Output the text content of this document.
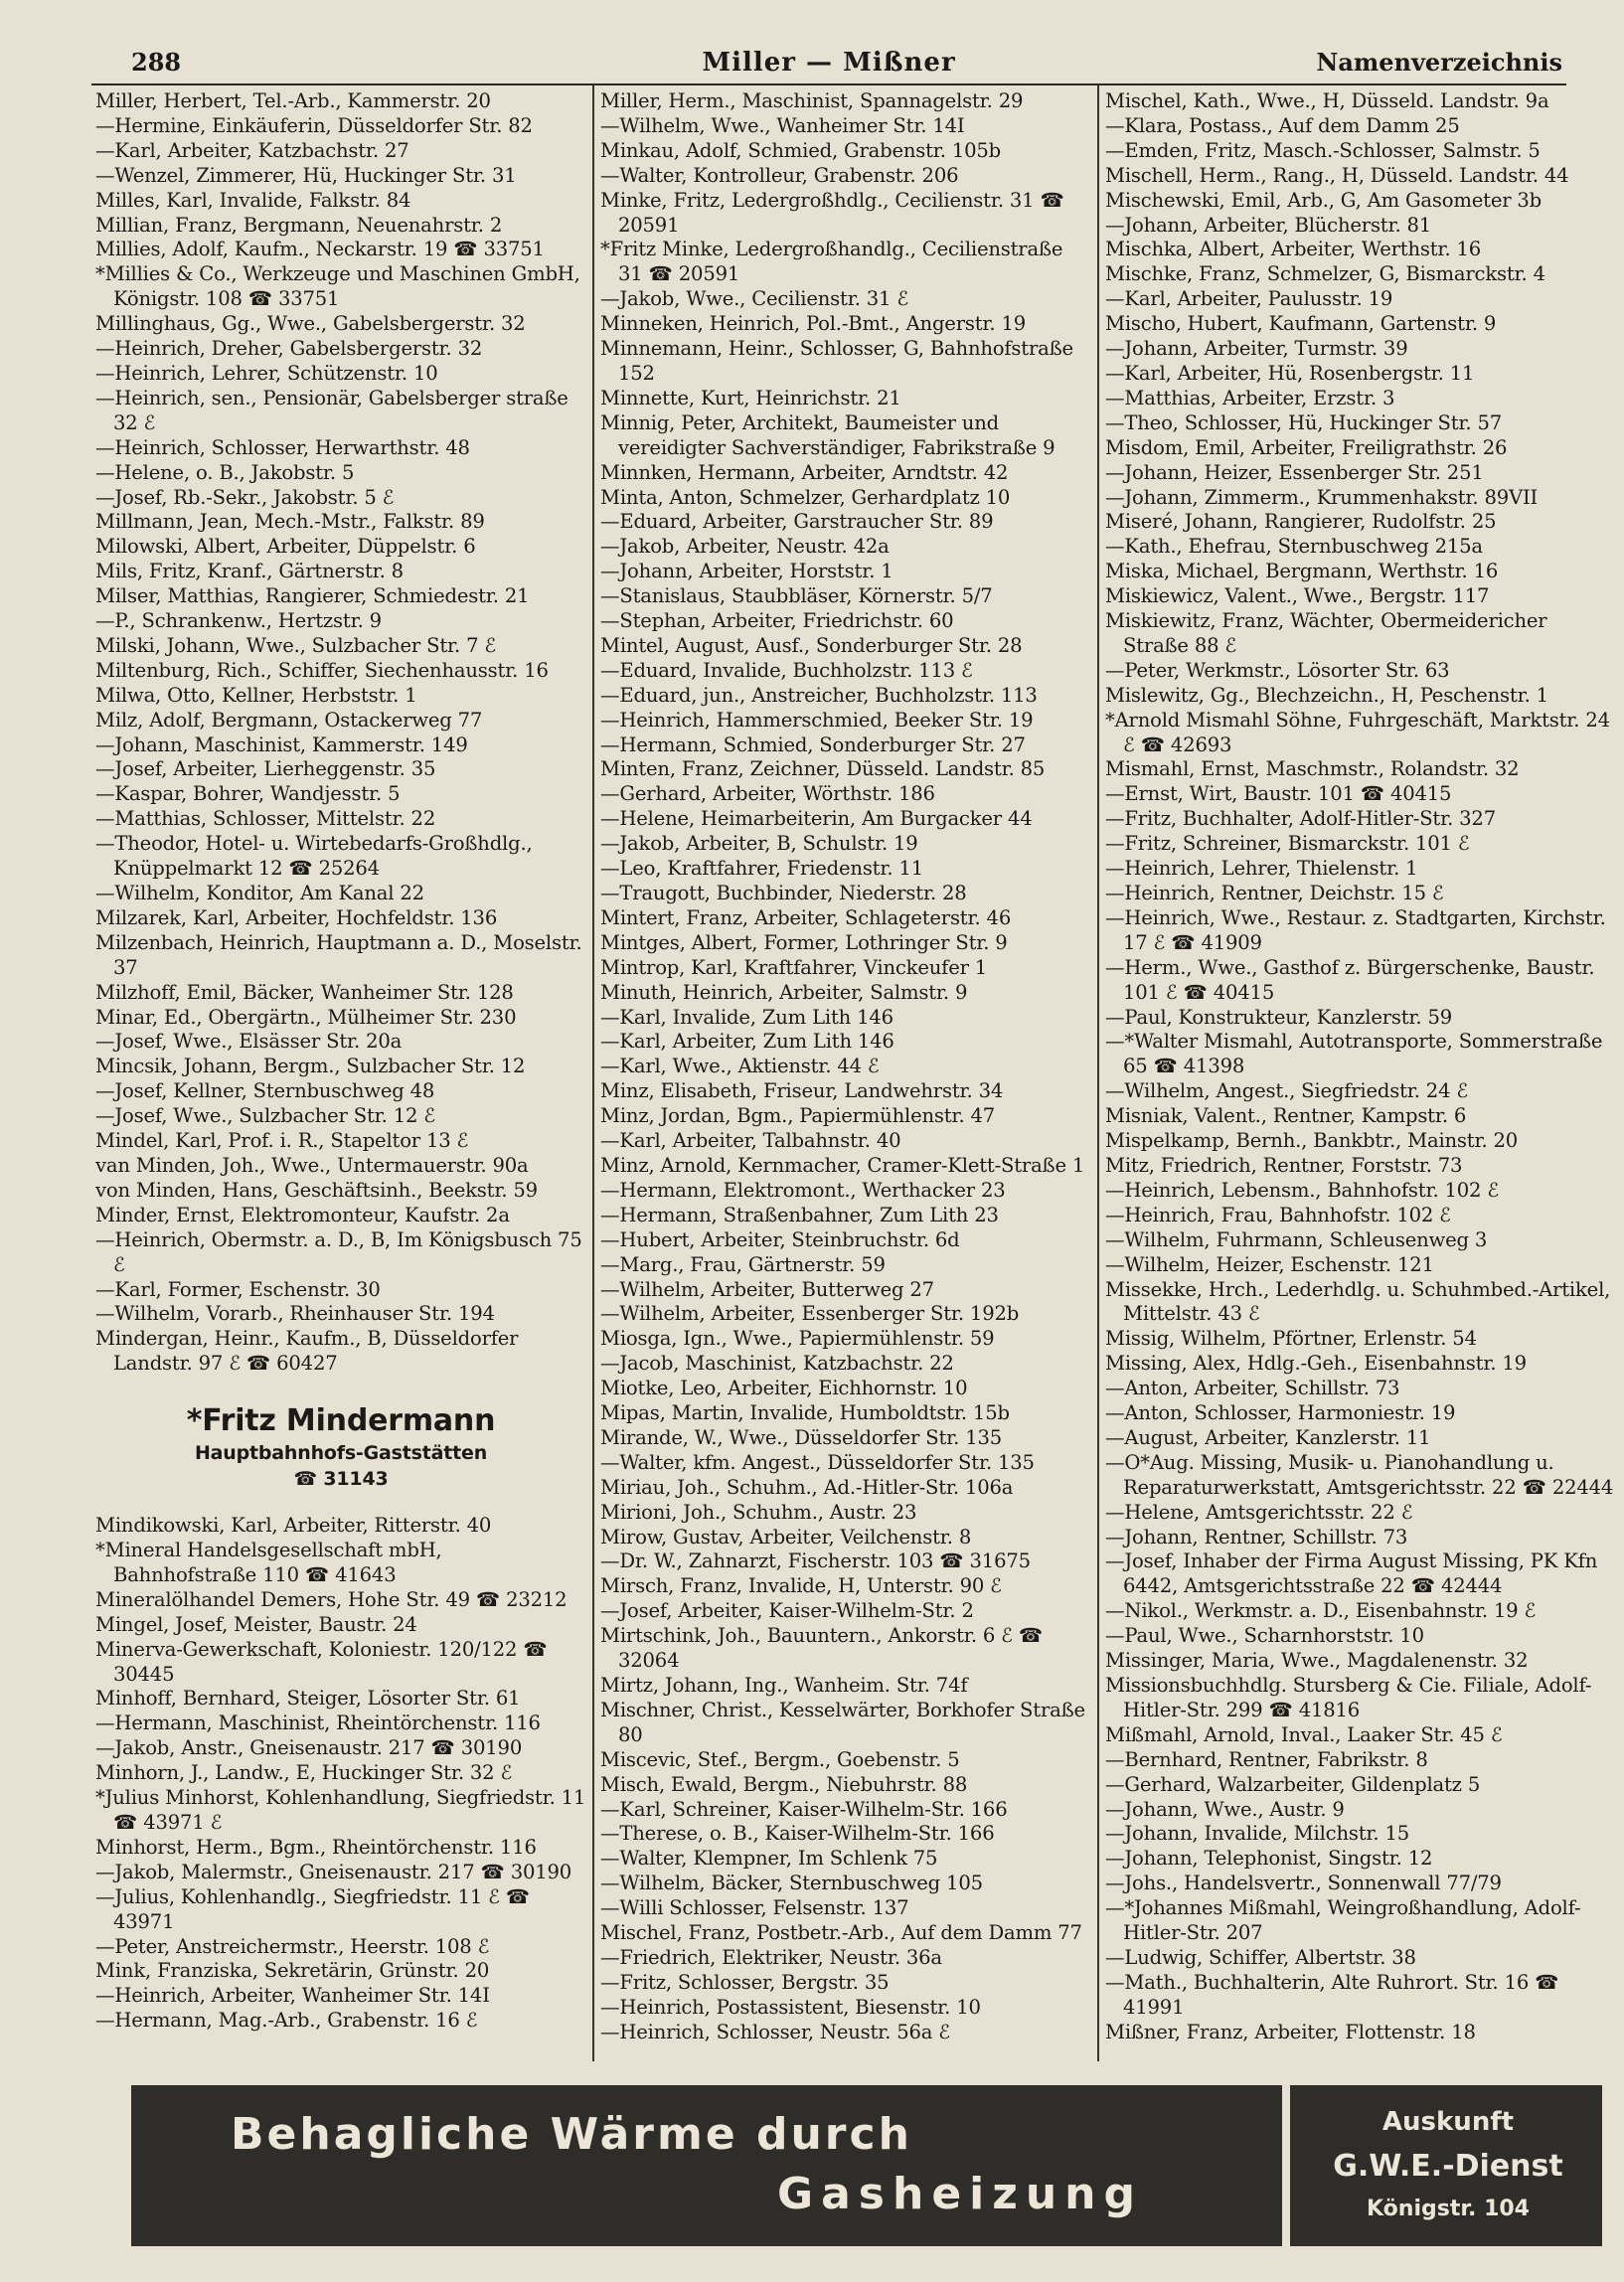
288	Miller — Mißner	Namenverzeichnis
Miller, Herbert, Tel.-Arb., Kammerstr. 20
—Hermine, Einkäuferin, Düsseldorfer Str. 82
—Karl, Arbeiter, Katzbachstr. 27
—Wenzel, Zimmerer, Hü, Huckinger Str. 31
Milles, Karl, Invalide, Falkstr. 84
Millian, Franz, Bergmann, Neuenahrstr. 2
Millies, Adolf, Kaufm., Neckarstr. 19 ☎ 33751
*Millies & Co., Werkzeuge und Maschinen GmbH, Königstr. 108 ☎ 33751
Millinghaus, Gg., Wwe., Gabelsbergerstr. 32
—Heinrich, Dreher, Gabelsbergerstr. 32
—Heinrich, Lehrer, Schützenstr. 10
—Heinrich, sen., Pensionär, Gabelsberger straße 32 ℰ
—Heinrich, Schlosser, Herwarthstr. 48
—Helene, o. B., Jakobstr. 5
—Josef, Rb.-Sekr., Jakobstr. 5 ℰ
Millmann, Jean, Mech.-Mstr., Falkstr. 89
Milowski, Albert, Arbeiter, Düppelstr. 6
Mils, Fritz, Kranf., Gärtnerstr. 8
Milser, Matthias, Rangierer, Schmiedestr. 21
—P., Schrankenw., Hertzstr. 9
Milski, Johann, Wwe., Sulzbacher Str. 7 ℰ
Miltenburg, Rich., Schiffer, Siechenhausstr. 16
Milwa, Otto, Kellner, Herbststr. 1
Milz, Adolf, Bergmann, Ostackerweg 77
—Johann, Maschinist, Kammerstr. 149
—Josef, Arbeiter, Lierheggenstr. 35
—Kaspar, Bohrer, Wandjesstr. 5
—Matthias, Schlosser, Mittelstr. 22
—Theodor, Hotel- u. Wirtebedarfs-Großhdlg., Knüppelmarkt 12 ☎ 25264
—Wilhelm, Konditor, Am Kanal 22
Milzarek, Karl, Arbeiter, Hochfeldstr. 136
Milzenbach, Heinrich, Hauptmann a. D., Moselstr. 37
Milzhoff, Emil, Bäcker, Wanheimer Str. 128
Minar, Ed., Obergärtn., Mülheimer Str. 230
—Josef, Wwe., Elsässer Str. 20a
Mincsik, Johann, Bergm., Sulzbacher Str. 12
—Josef, Kellner, Sternbuschweg 48
—Josef, Wwe., Sulzbacher Str. 12 ℰ
Mindel, Karl, Prof. i. R., Stapeltor 13 ℰ
van Minden, Joh., Wwe., Untermauerstr. 90a
von Minden, Hans, Geschäftsinh., Beekstr. 59
Minder, Ernst, Elektromonteur, Kaufstr. 2a
—Heinrich, Obermstr. a. D., B, Im Königsbusch 75 ℰ
—Karl, Former, Eschenstr. 30
—Wilhelm, Vorarb., Rheinhauser Str. 194
Mindergan, Heinr., Kaufm., B, Düsseldorfer Landstr. 97 ℰ ☎ 60427
*Fritz Mindermann
Hauptbahnhofs-Gaststätten
☎ 31143
Mindikowski, Karl, Arbeiter, Ritterstr. 40
*Mineral Handelsgesellschaft mbH, Bahnhofstraße 110 ☎ 41643
Mineralölhandel Demers, Hohe Str. 49 ☎ 23212
Mingel, Josef, Meister, Baustr. 24
Minerva-Gewerkschaft, Koloniestr. 120/122 ☎ 30445
Minhoff, Bernhard, Steiger, Lösorter Str. 61
—Hermann, Maschinist, Rheintörchenstr. 116
—Jakob, Anstr., Gneisenaustr. 217 ☎ 30190
Minhorn, J., Landw., E, Huckinger Str. 32 ℰ
*Julius Minhorst, Kohlenhandlung, Siegfriedstr. 11 ☎ 43971 ℰ
Minhorst, Herm., Bgm., Rheintörchenstr. 116
—Jakob, Malermstr., Gneisenaustr. 217 ☎ 30190
—Julius, Kohlenhandlg., Siegfriedstr. 11 ℰ ☎ 43971
—Peter, Anstreichermstr., Heerstr. 108 ℰ
Mink, Franziska, Sekretärin, Grünstr. 20
—Heinrich, Arbeiter, Wanheimer Str. 14I
—Hermann, Mag.-Arb., Grabenstr. 16 ℰ
Miller, Herm., Maschinist, Spannagelstr. 29
—Wilhelm, Wwe., Wanheimer Str. 14I
Minkau, Adolf, Schmied, Grabenstr. 105b
—Walter, Kontrolleur, Grabenstr. 206
Minke, Fritz, Ledergroßhdlg., Cecilienstr. 31 ☎ 20591
*Fritz Minke, Ledergroßhandlg., Cecilienstraße 31 ☎ 20591
—Jakob, Wwe., Cecilienstr. 31 ℰ
Minneken, Heinrich, Pol.-Bmt., Angerstr. 19
Minnemann, Heinr., Schlosser, G, Bahnhofstraße 152
Minnette, Kurt, Heinrichstr. 21
Minnig, Peter, Architekt, Baumeister und vereidigter Sachverständiger, Fabrikstraße 9
Minnken, Hermann, Arbeiter, Arndtstr. 42
Minta, Anton, Schmelzer, Gerhardplatz 10
—Eduard, Arbeiter, Garstraucher Str. 89
—Jakob, Arbeiter, Neustr. 42a
—Johann, Arbeiter, Horststr. 1
—Stanislaus, Staubbläser, Körnerstr. 5/7
—Stephan, Arbeiter, Friedrichstr. 60
Mintel, August, Ausf., Sonderburger Str. 28
—Eduard, Invalide, Buchholzstr. 113 ℰ
—Eduard, jun., Anstreicher, Buchholzstr. 113
—Heinrich, Hammerschmied, Beeker Str. 19
—Hermann, Schmied, Sonderburger Str. 27
Minten, Franz, Zeichner, Düsseld. Landstr. 85
—Gerhard, Arbeiter, Wörthstr. 186
—Helene, Heimarbeiterin, Am Burgacker 44
—Jakob, Arbeiter, B, Schulstr. 19
—Leo, Kraftfahrer, Friedenstr. 11
—Traugott, Buchbinder, Niederstr. 28
Mintert, Franz, Arbeiter, Schlageterstr. 46
Mintges, Albert, Former, Lothringer Str. 9
Mintrop, Karl, Kraftfahrer, Vinckeufer 1
Minuth, Heinrich, Arbeiter, Salmstr. 9
—Karl, Invalide, Zum Lith 146
—Karl, Arbeiter, Zum Lith 146
—Karl, Wwe., Aktienstr. 44 ℰ
Minz, Elisabeth, Friseur, Landwehrstr. 34
Minz, Jordan, Bgm., Papiermühlenstr. 47
—Karl, Arbeiter, Talbahnstr. 40
Minz, Arnold, Kernmacher, Cramer-Klett-Straße 1
—Hermann, Elektromont., Werthacker 23
—Hermann, Straßenbahner, Zum Lith 23
—Hubert, Arbeiter, Steinbruchstr. 6d
—Marg., Frau, Gärtnerstr. 59
—Wilhelm, Arbeiter, Butterweg 27
—Wilhelm, Arbeiter, Essenberger Str. 192b
Miosga, Ign., Wwe., Papiermühlenstr. 59
—Jacob, Maschinist, Katzbachstr. 22
Miotke, Leo, Arbeiter, Eichhornstr. 10
Mipas, Martin, Invalide, Humboldtstr. 15b
Mirande, W., Wwe., Düsseldorfer Str. 135
—Walter, kfm. Angest., Düsseldorfer Str. 135
Miriau, Joh., Schuhm., Ad.-Hitler-Str. 106a
Mirioni, Joh., Schuhm., Austr. 23
Mirow, Gustav, Arbeiter, Veilchenstr. 8
—Dr. W., Zahnarzt, Fischerstr. 103 ☎ 31675
Mirsch, Franz, Invalide, H, Unterstr. 90 ℰ
—Josef, Arbeiter, Kaiser-Wilhelm-Str. 2
Mirtschink, Joh., Bauuntern., Ankorstr. 6 ℰ ☎ 32064
Mirtz, Johann, Ing., Wanheim. Str. 74f
Mischner, Christ., Kesselwärter, Borkhofer Straße 80
Miscevic, Stef., Bergm., Goebenstr. 5
Misch, Ewald, Bergm., Niebuhrstr. 88
—Karl, Schreiner, Kaiser-Wilhelm-Str. 166
—Therese, o. B., Kaiser-Wilhelm-Str. 166
—Walter, Klempner, Im Schlenk 75
—Wilhelm, Bäcker, Sternbuschweg 105
—Willi Schlosser, Felsenstr. 137
Mischel, Franz, Postbetr.-Arb., Auf dem Damm 77
—Friedrich, Elektriker, Neustr. 36a
—Fritz, Schlosser, Bergstr. 35
—Heinrich, Postassistent, Biesenstr. 10
—Heinrich, Schlosser, Neustr. 56a ℰ
Mischel, Kath., Wwe., H, Düsseld. Landstr. 9a
—Klara, Postass., Auf dem Damm 25
—Emden, Fritz, Masch.-Schlosser, Salmstr. 5
Mischell, Herm., Rang., H, Düsseld. Landstr. 44
Mischewski, Emil, Arb., G, Am Gasometer 3b
—Johann, Arbeiter, Blücherstr. 81
Mischka, Albert, Arbeiter, Werthstr. 16
Mischke, Franz, Schmelzer, G, Bismarckstr. 4
—Karl, Arbeiter, Paulusstr. 19
Mischo, Hubert, Kaufmann, Gartenstr. 9
—Johann, Arbeiter, Turmstr. 39
—Karl, Arbeiter, Hü, Rosenbergstr. 11
—Matthias, Arbeiter, Erzstr. 3
—Theo, Schlosser, Hü, Huckinger Str. 57
Misdom, Emil, Arbeiter, Freiligrathstr. 26
—Johann, Heizer, Essenberger Str. 251
—Johann, Zimmerm., Krummenhakstr. 89VII
Miseré, Johann, Rangierer, Rudolfstr. 25
—Kath., Ehefrau, Sternbuschweg 215a
Miska, Michael, Bergmann, Werthstr. 16
Miskiewicz, Valent., Wwe., Bergstr. 117
Miskiewitz, Franz, Wächter, Obermeidericher Straße 88 ℰ
—Peter, Werkmstr., Lösorter Str. 63
Mislewitz, Gg., Blechzeichn., H, Peschenstr. 1
*Arnold Mismahl Söhne, Fuhrgeschäft, Marktstr. 24 ℰ ☎ 42693
Mismahl, Ernst, Maschmstr., Rolandstr. 32
—Ernst, Wirt, Baustr. 101 ☎ 40415
—Fritz, Buchhalter, Adolf-Hitler-Str. 327
—Fritz, Schreiner, Bismarckstr. 101 ℰ
—Heinrich, Lehrer, Thielenstr. 1
—Heinrich, Rentner, Deichstr. 15 ℰ
—Heinrich, Wwe., Restaur. z. Stadtgarten, Kirchstr. 17 ℰ ☎ 41909
—Herm., Wwe., Gasthof z. Bürgerschenke, Baustr. 101 ℰ ☎ 40415
—Paul, Konstrukteur, Kanzlerstr. 59
—*Walter Mismahl, Autotransporte, Sommerstraße 65 ☎ 41398
—Wilhelm, Angest., Siegfriedstr. 24 ℰ
Misniak, Valent., Rentner, Kampstr. 6
Mispelkamp, Bernh., Bankbtr., Mainstr. 20
Mitz, Friedrich, Rentner, Forststr. 73
—Heinrich, Lebensm., Bahnhofstr. 102 ℰ
—Heinrich, Frau, Bahnhofstr. 102 ℰ
—Wilhelm, Fuhrmann, Schleusenweg 3
—Wilhelm, Heizer, Eschenstr. 121
Missekke, Hrch., Lederhdlg. u. Schuhmbed.-Artikel, Mittelstr. 43 ℰ
Missig, Wilhelm, Pförtner, Erlenstr. 54
Missing, Alex, Hdlg.-Geh., Eisenbahnstr. 19
—Anton, Arbeiter, Schillstr. 73
—Anton, Schlosser, Harmoniestr. 19
—August, Arbeiter, Kanzlerstr. 11
—O*Aug. Missing, Musik- u. Pianohandlung u. Reparaturwerkstatt, Amtsgerichtsstr. 22 ☎ 22444
—Helene, Amtsgerichtsstr. 22 ℰ
—Johann, Rentner, Schillstr. 73
—Josef, Inhaber der Firma August Missing, PK Kfn 6442, Amtsgerichtsstraße 22 ☎ 42444
—Nikol., Werkmstr. a. D., Eisenbahnstr. 19 ℰ
—Paul, Wwe., Scharnhorststr. 10
Missinger, Maria, Wwe., Magdalenenstr. 32
Missionsbuchhdlg. Stursberg & Cie. Filiale, Adolf-Hitler-Str. 299 ☎ 41816
Mißmahl, Arnold, Inval., Laaker Str. 45 ℰ
—Bernhard, Rentner, Fabrikstr. 8
—Gerhard, Walzarbeiter, Gildenplatz 5
—Johann, Wwe., Austr. 9
—Johann, Invalide, Milchstr. 15
—Johann, Telephonist, Singstr. 12
—Johs., Handelsvertr., Sonnenwall 77/79
—*Johannes Mißmahl, Weingroßhandlung, Adolf-Hitler-Str. 207
—Ludwig, Schiffer, Albertstr. 38
—Math., Buchhalterin, Alte Ruhrort. Str. 16 ☎ 41991
Mißner, Franz, Arbeiter, Flottenstr. 18
Behagliche Wärme durch
Gasheizung
Auskunft
G.W.E.-Dienst
Königstr. 104
